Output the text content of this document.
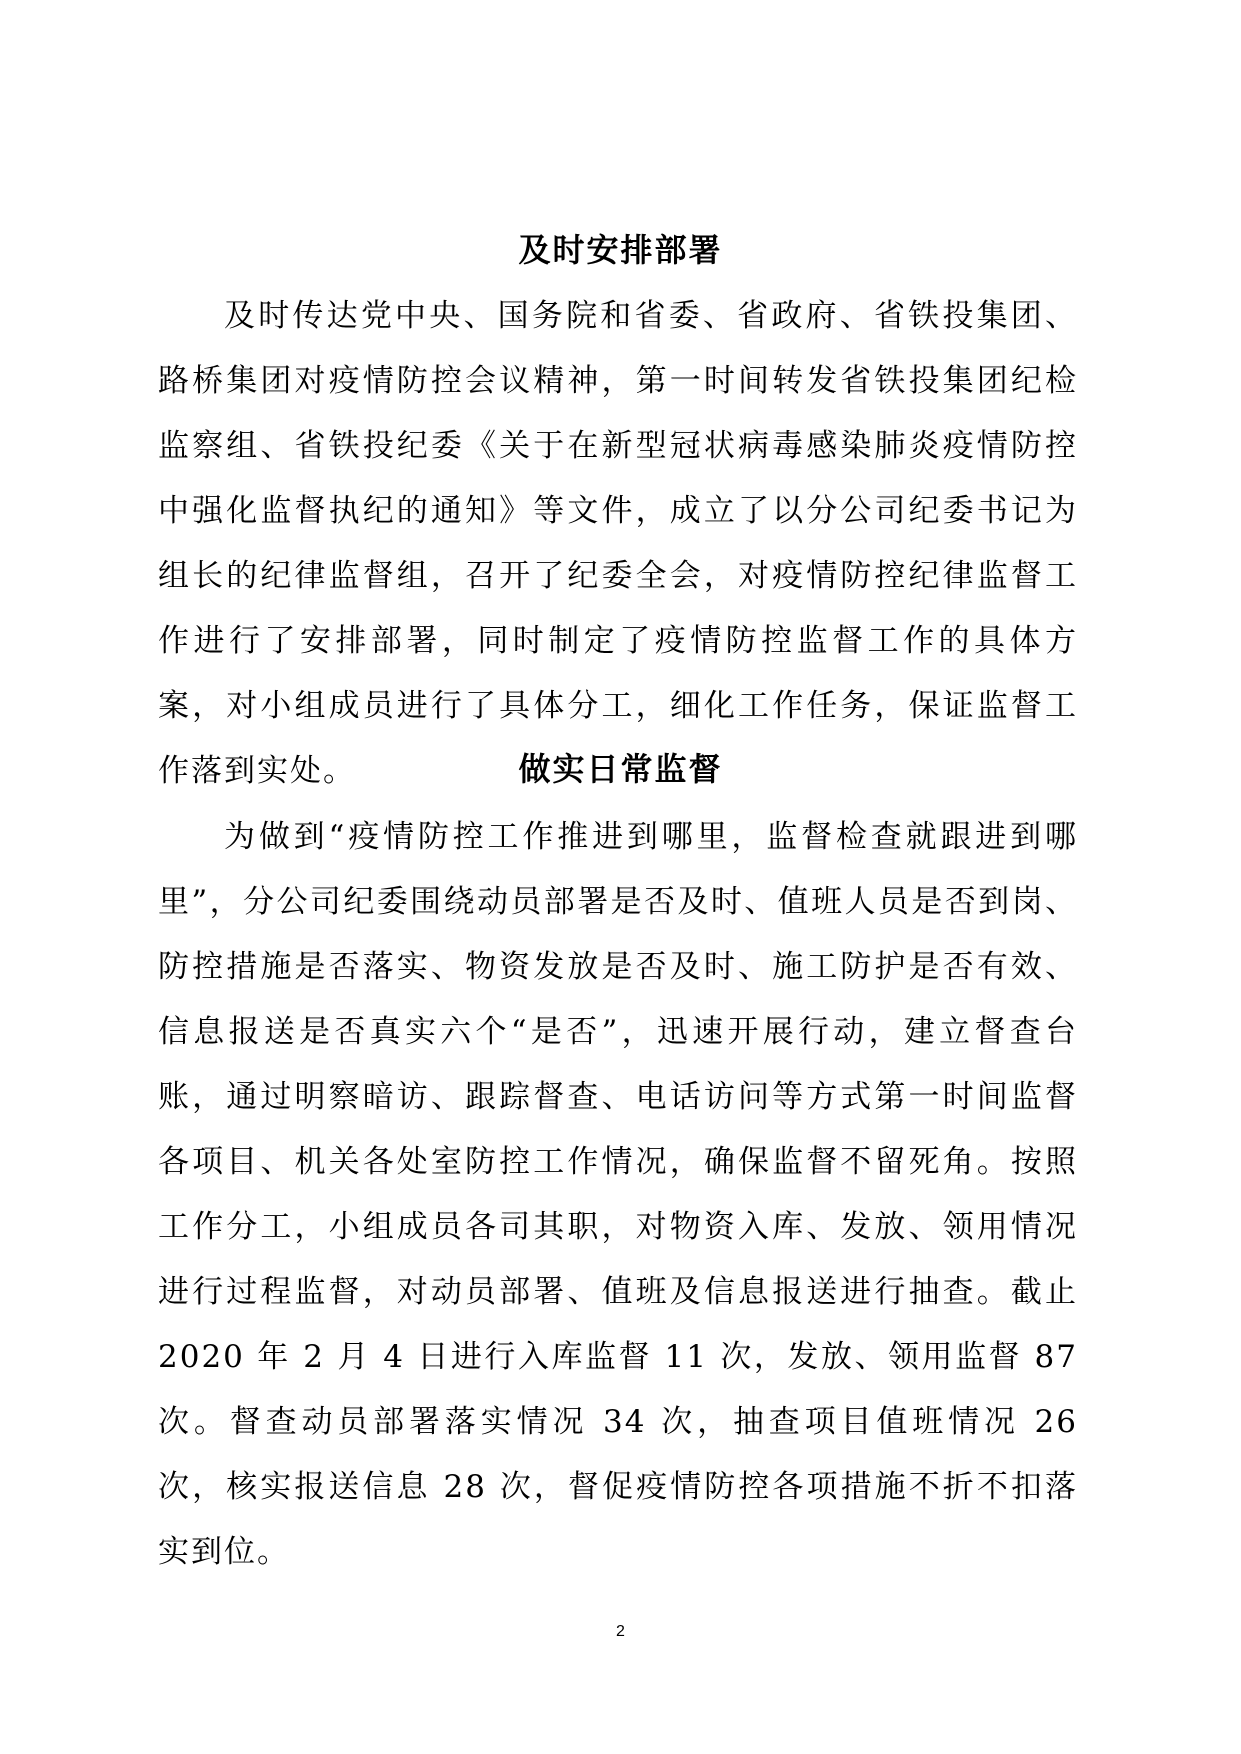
及时安排部署

及时传达党中央、国务院和省委、省政府、省铁投集团、路桥集团对疫情防控会议精神，第一时间转发省铁投集团纪检监察组、省铁投纪委《关于在新型冠状病毒感染肺炎疫情防控中强化监督执纪的通知》等文件，成立了以分公司纪委书记为组长的纪律监督组，召开了纪委全会，对疫情防控纪律监督工作进行了安排部署，同时制定了疫情防控监督工作的具体方案，对小组成员进行了具体分工，细化工作任务，保证监督工作落到实处。	做实日常监督

为做到“疫情防控工作推进到哪里，监督检查就跟进到哪里”，分公司纪委围绕动员部署是否及时、值班人员是否到岗、防控措施是否落实、物资发放是否及时、施工防护是否有效、信息报送是否真实六个“是否”，迅速开展行动，建立督查台账，通过明察暗访、跟踪督查、电话访问等方式第一时间监督各项目、机关各处室防控工作情况，确保监督不留死角。按照工作分工，小组成员各司其职，对物资入库、发放、领用情况进行过程监督，对动员部署、值班及信息报送进行抽查。截止 2020 年 2 月 4 日进行入库监督 11 次，发放、领用监督 87 次。督查动员部署落实情况 34 次，抽查项目值班情况 26 次，核实报送信息 28 次，督促疫情防控各项措施不折不扣落实到位。

2
